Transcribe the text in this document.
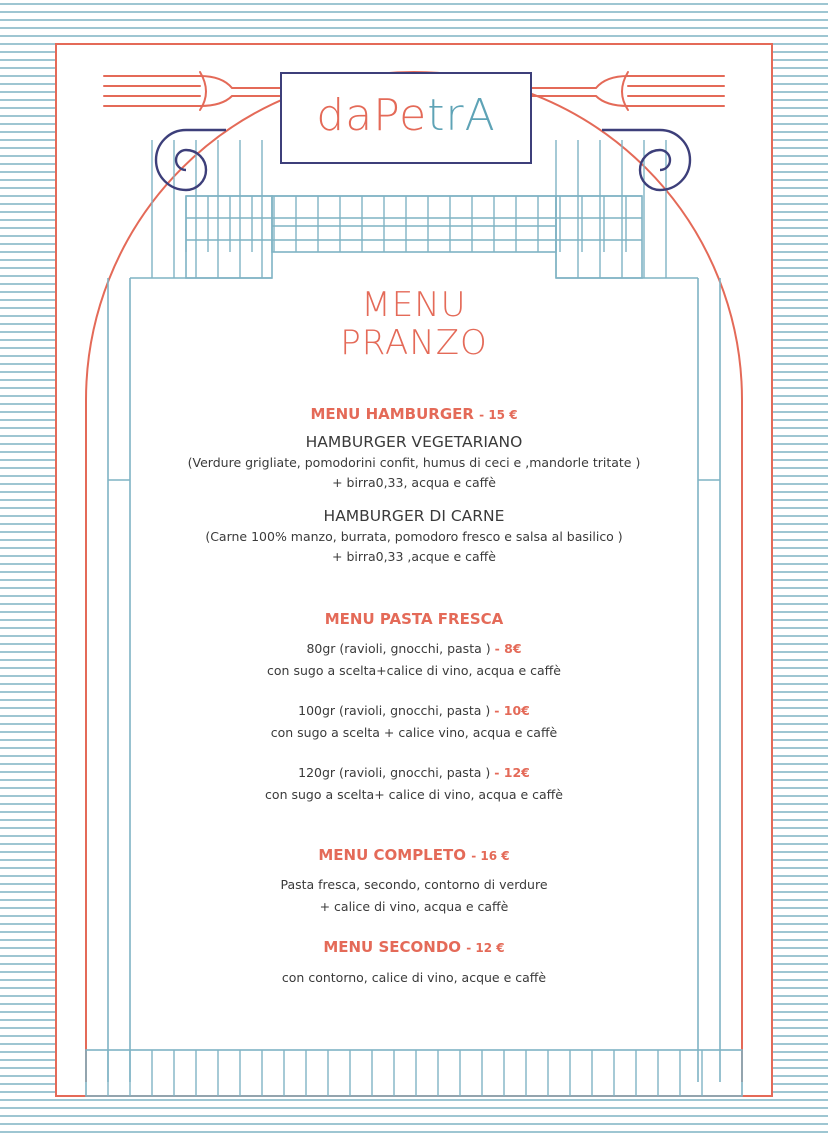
daPetrA
MENU
PRANZO
MENU HAMBURGER - 15 €
HAMBURGER VEGETARIANO
(Verdure grigliate, pomodorini confit, humus di ceci e ,mandorle tritate )
+ birra0,33, acqua e caffè
HAMBURGER DI CARNE
(Carne 100% manzo, burrata, pomodoro fresco e salsa al basilico )
+ birra0,33 ,acque e caffè
MENU PASTA FRESCA
80gr (ravioli, gnocchi, pasta ) - 8€
con sugo a scelta+calice di vino, acqua e caffè
100gr (ravioli, gnocchi, pasta ) - 10€
con sugo a scelta + calice vino, acqua e caffè
120gr (ravioli, gnocchi, pasta ) - 12€
con sugo a scelta+ calice di vino, acqua e caffè
MENU COMPLETO - 16 €
Pasta fresca, secondo, contorno di verdure
+ calice di vino, acqua e caffè
MENU SECONDO - 12 €
con contorno, calice di vino, acque e caffè
